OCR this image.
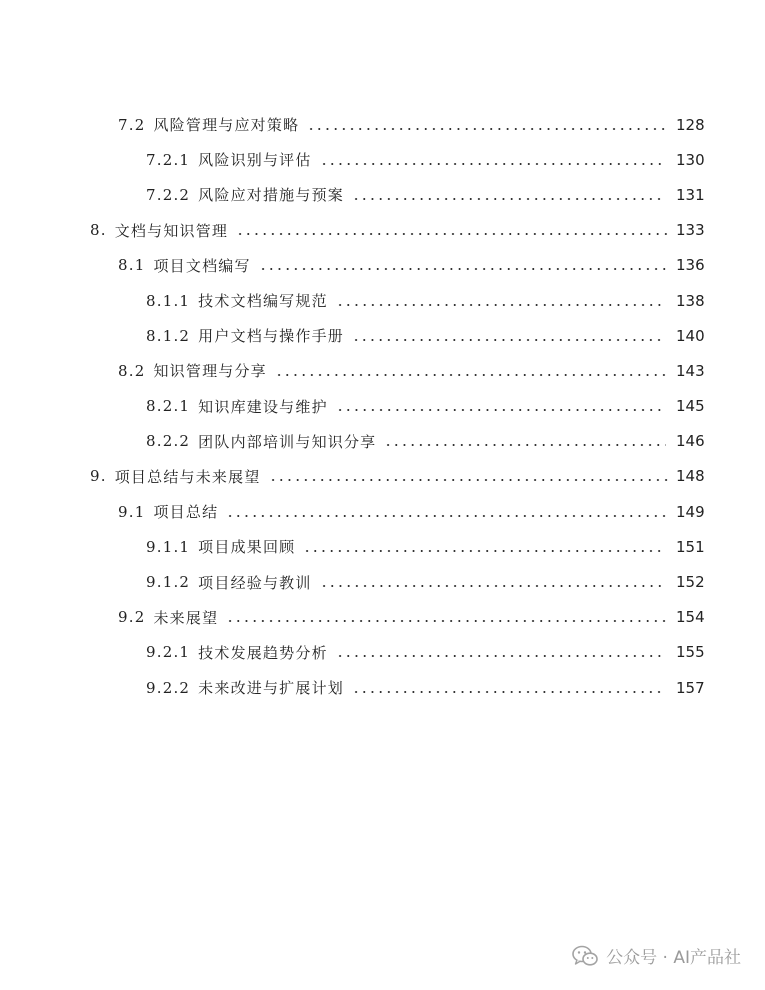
7.2 风险管理与应对策略	128
7.2.1 风险识别与评估	130
7.2.2 风险应对措施与预案	131
8. 文档与知识管理	133
8.1 项目文档编写	136
8.1.1 技术文档编写规范	138
8.1.2 用户文档与操作手册	140
8.2 知识管理与分享	143
8.2.1 知识库建设与维护	145
8.2.2 团队内部培训与知识分享	146
9. 项目总结与未来展望	148
9.1 项目总结	149
9.1.1 项目成果回顾	151
9.1.2 项目经验与教训	152
9.2 未来展望	154
9.2.1 技术发展趋势分析	155
9.2.2 未来改进与扩展计划	157
公众号 · AI产品社
